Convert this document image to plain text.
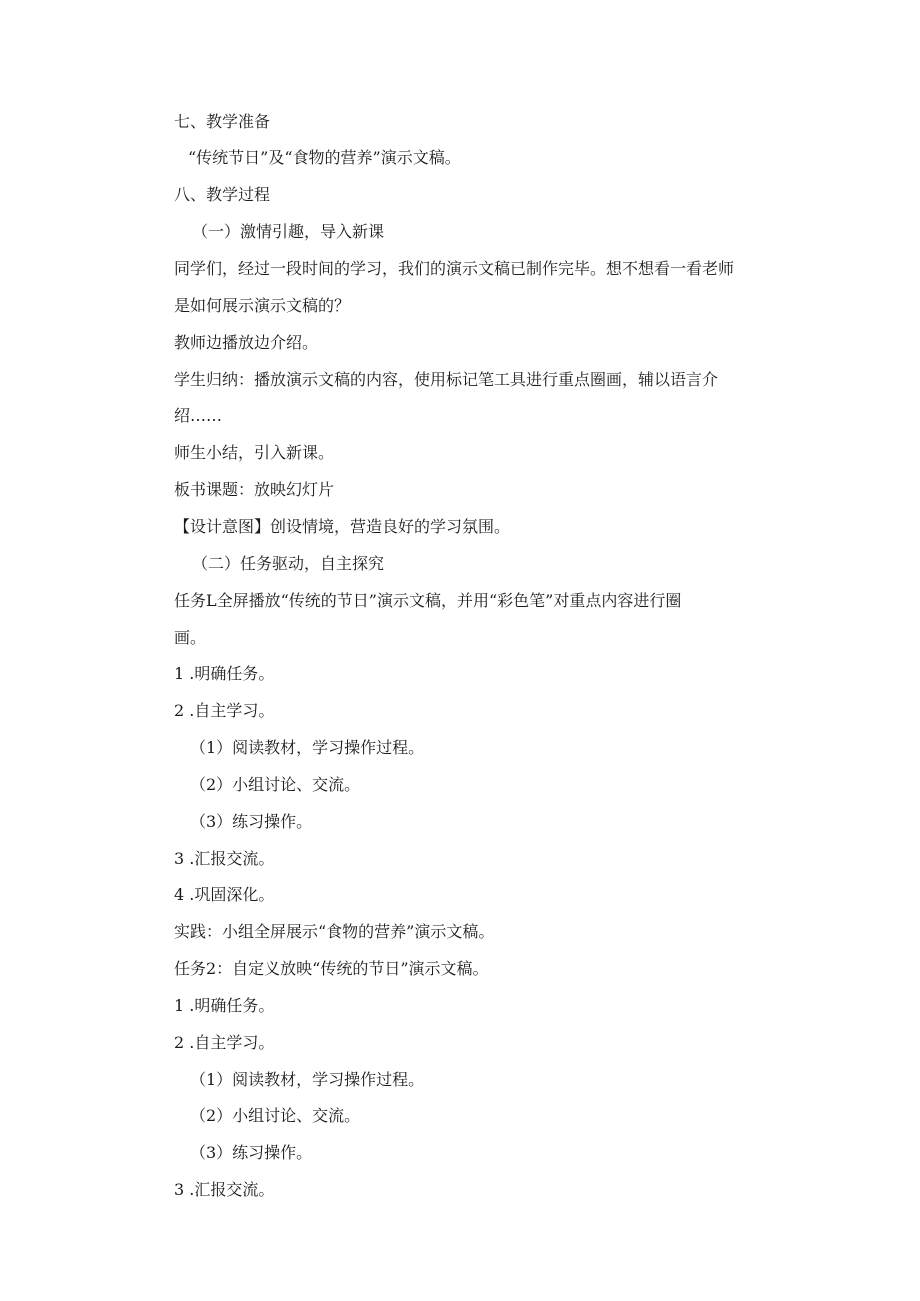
七、教学准备
“传统节日”及“食物的营养”演示文稿。
八、教学过程
（一）激情引趣，导入新课
同学们，经过一段时间的学习，我们的演示文稿已制作完毕。想不想看一看老师
是如何展示演示文稿的？
教师边播放边介绍。
学生归纳：播放演示文稿的内容，使用标记笔工具进行重点圈画，辅以语言介
绍……
师生小结，引入新课。
板书课题：放映幻灯片
【设计意图】创设情境，营造良好的学习氛围。
（二）任务驱动，自主探究
任务L全屏播放“传统的节日”演示文稿，并用“彩色笔”对重点内容进行圈
画。
1 .明确任务。
2 .自主学习。
（1）阅读教材，学习操作过程。
（2）小组讨论、交流。
（3）练习操作。
3 .汇报交流。
4 .巩固深化。
实践：小组全屏展示“食物的营养”演示文稿。
任务2：自定义放映“传统的节日”演示文稿。
1 .明确任务。
2 .自主学习。
（1）阅读教材，学习操作过程。
（2）小组讨论、交流。
（3）练习操作。
3 .汇报交流。
